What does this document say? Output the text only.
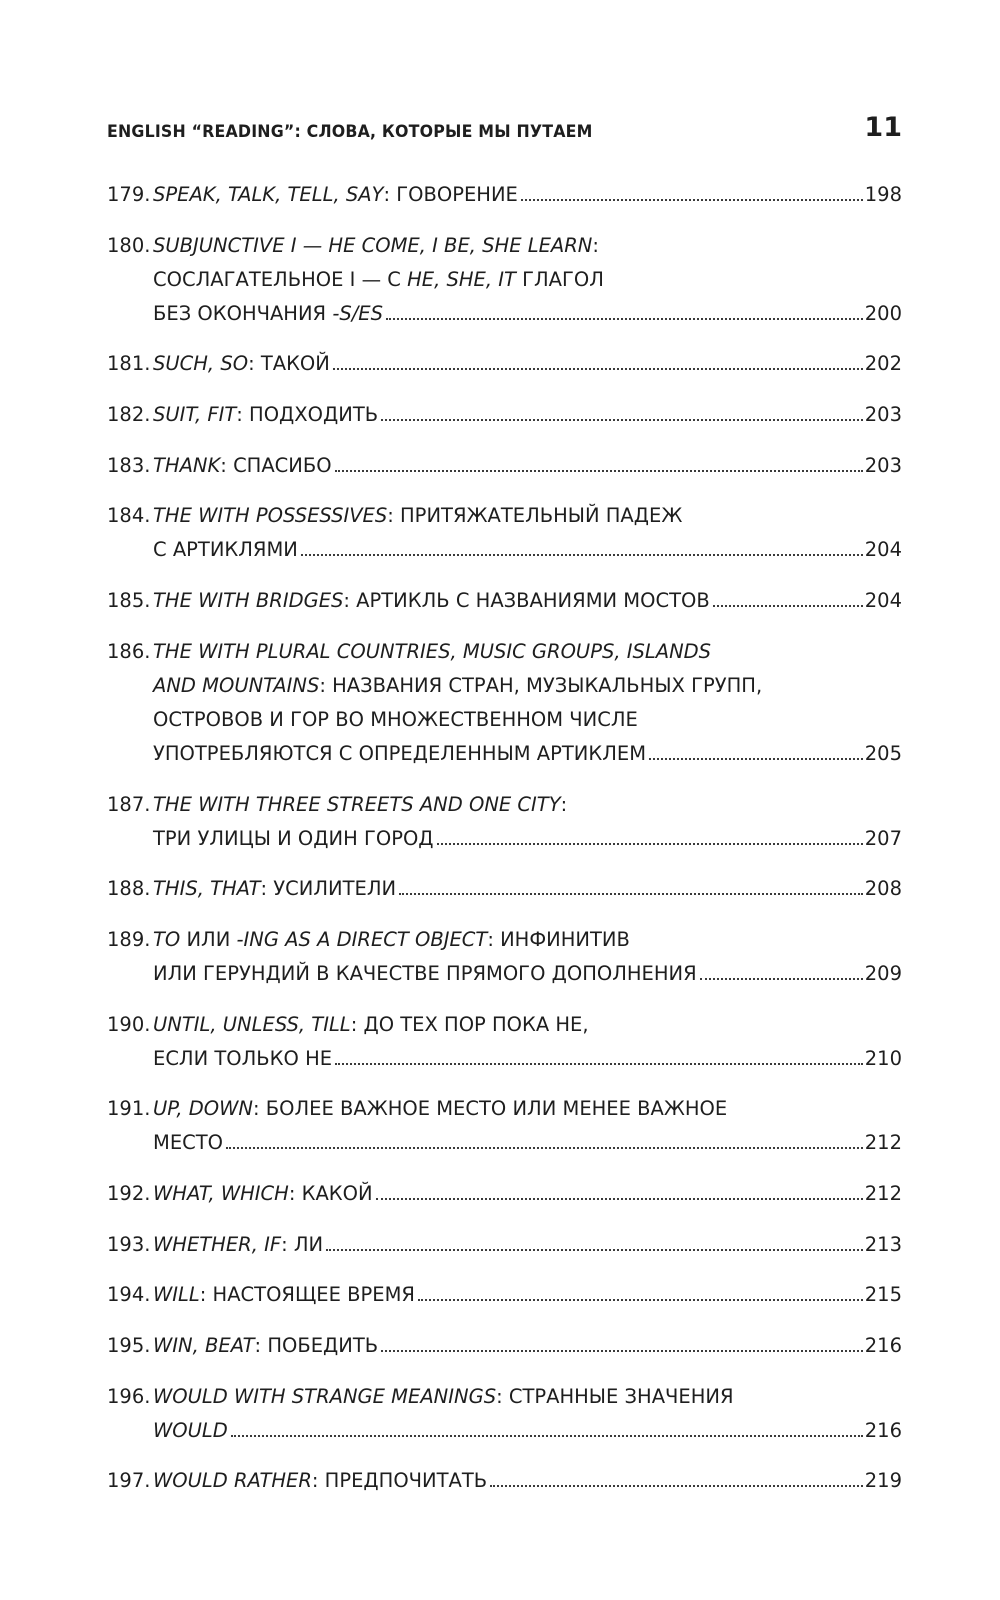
ENGLISH “READING”: СЛОВА, КОТОРЫЕ МЫ ПУТАЕМ	11
179. SPEAK, TALK, TELL, SAY: ГОВОРЕНИЕ	198
180. SUBJUNCTIVE I — HE COME, I BE, SHE LEARN:
СОСЛАГАТЕЛЬНОЕ I — С HE, SHE, IT ГЛАГОЛ
БЕЗ ОКОНЧАНИЯ -S/ES	200
181. SUCH, SO: ТАКОЙ	202
182. SUIT, FIT: ПОДХОДИТЬ	203
183. THANK: СПАСИБО	203
184. THE WITH POSSESSIVES: ПРИТЯЖАТЕЛЬНЫЙ ПАДЕЖ
С АРТИКЛЯМИ	204
185. THE WITH BRIDGES: АРТИКЛЬ С НАЗВАНИЯМИ МОСТОВ	204
186. THE WITH PLURAL COUNTRIES, MUSIC GROUPS, ISLANDS
AND MOUNTAINS: НАЗВАНИЯ СТРАН, МУЗЫКАЛЬНЫХ ГРУПП,
ОСТРОВОВ И ГОР ВО МНОЖЕСТВЕННОМ ЧИСЛЕ
УПОТРЕБЛЯЮТСЯ С ОПРЕДЕЛЕННЫМ АРТИКЛЕМ	205
187. THE WITH THREE STREETS AND ONE CITY:
ТРИ УЛИЦЫ И ОДИН ГОРОД	207
188. THIS, THAT: УСИЛИТЕЛИ	208
189. TO ИЛИ -ING AS A DIRECT OBJECT: ИНФИНИТИВ
ИЛИ ГЕРУНДИЙ В КАЧЕСТВЕ ПРЯМОГО ДОПОЛНЕНИЯ	209
190. UNTIL, UNLESS, TILL: ДО ТЕХ ПОР ПОКА НЕ,
ЕСЛИ ТОЛЬКО НЕ	210
191. UP, DOWN: БОЛЕЕ ВАЖНОЕ МЕСТО ИЛИ МЕНЕЕ ВАЖНОЕ
МЕСТО	212
192. WHAT, WHICH: КАКОЙ	212
193. WHETHER, IF: ЛИ	213
194. WILL: НАСТОЯЩЕЕ ВРЕМЯ	215
195. WIN, BEAT: ПОБЕДИТЬ	216
196. WOULD WITH STRANGE MEANINGS: СТРАННЫЕ ЗНАЧЕНИЯ
WOULD	216
197. WOULD RATHER: ПРЕДПОЧИТАТЬ	219
